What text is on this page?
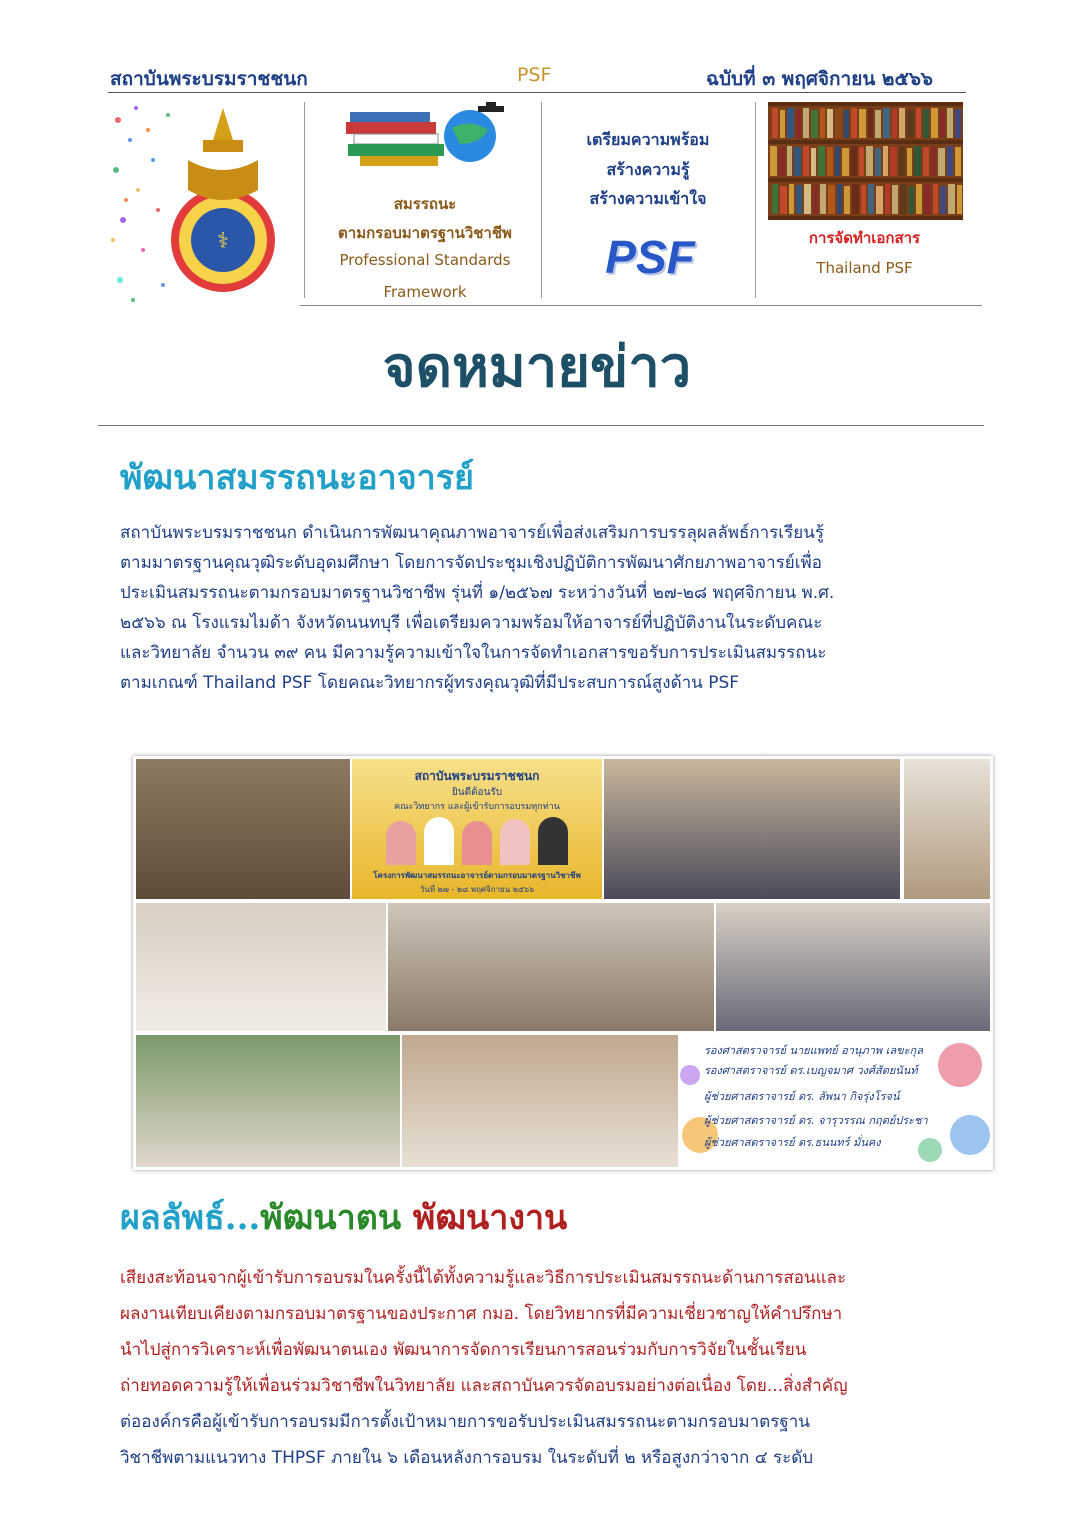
สถาบันพระบรมราชชนก	PSF	ฉบับที่ ๓ พฤศจิกายน ๒๕๖๖
⚕
สมรรถนะ
ตามกรอบมาตรฐานวิชาชีพ
Professional Standards
Framework
เตรียมความพร้อม
สร้างความรู้
สร้างความเข้าใจ
PSF	การจัดทำเอกสาร
Thailand PSF
จดหมายข่าว
พัฒนาสมรรถนะอาจารย์
สถาบันพระบรมราชชนก ดำเนินการพัฒนาคุณภาพอาจารย์เพื่อส่งเสริมการบรรลุผลลัพธ์การเรียนรู้
ตามมาตรฐานคุณวุฒิระดับอุดมศึกษา โดยการจัดประชุมเชิงปฏิบัติการพัฒนาศักยภาพอาจารย์เพื่อ
ประเมินสมรรถนะตามกรอบมาตรฐานวิชาชีพ รุ่นที่ ๑/๒๕๖๗ ระหว่างวันที่ ๒๗-๒๘ พฤศจิกายน พ.ศ.
๒๕๖๖ ณ โรงแรมไมด้า จังหวัดนนทบุรี เพื่อเตรียมความพร้อมให้อาจารย์ที่ปฏิบัติงานในระดับคณะ
และวิทยาลัย จำนวน ๓๙ คน มีความรู้ความเข้าใจในการจัดทำเอกสารขอรับการประเมินสมรรถนะ
ตามเกณฑ์ Thailand PSF โดยคณะวิทยากรผู้ทรงคุณวุฒิที่มีประสบการณ์สูงด้าน PSF
สถาบันพระบรมราชชนก
ยินดีต้อนรับ
คณะวิทยากร และผู้เข้ารับการอบรมทุกท่าน
โครงการพัฒนาสมรรถนะอาจารย์ตามกรอบมาตรฐานวิชาชีพ
วันที่ ๒๗ - ๒๘ พฤศจิกายน ๒๕๖๖
รองศาสตราจารย์ นายแพทย์ อานุภาพ เลขะกุล
รองศาสตราจารย์ ดร.เบญจมาศ วงศ์สัตยนันท์
ผู้ช่วยศาสตราจารย์ ดร. ลัพนา กิจรุ่งโรจน์
ผู้ช่วยศาสตราจารย์ ดร. จารุวรรณ กฤตย์ประชา
ผู้ช่วยศาสตราจารย์ ดร.ธนนทร์ มั่นคง
ผลลัพธ์...พัฒนาตน พัฒนางาน
เสียงสะท้อนจากผู้เข้ารับการอบรมในครั้งนี้ได้ทั้งความรู้และวิธีการประเมินสมรรถนะด้านการสอนและ
ผลงานเทียบเคียงตามกรอบมาตรฐานของประกาศ กมอ. โดยวิทยากรที่มีความเชี่ยวชาญให้คำปรึกษา
นำไปสู่การวิเคราะห์เพื่อพัฒนาตนเอง พัฒนาการจัดการเรียนการสอนร่วมกับการวิจัยในชั้นเรียน
ถ่ายทอดความรู้ให้เพื่อนร่วมวิชาชีพในวิทยาลัย และสถาบันควรจัดอบรมอย่างต่อเนื่อง โดย...สิ่งสำคัญ
ต่อองค์กรคือผู้เข้ารับการอบรมมีการตั้งเป้าหมายการขอรับประเมินสมรรถนะตามกรอบมาตรฐาน
วิชาชีพตามแนวทาง THPSF ภายใน ๖ เดือนหลังการอบรม ในระดับที่ ๒ หรือสูงกว่าจาก ๔ ระดับ
